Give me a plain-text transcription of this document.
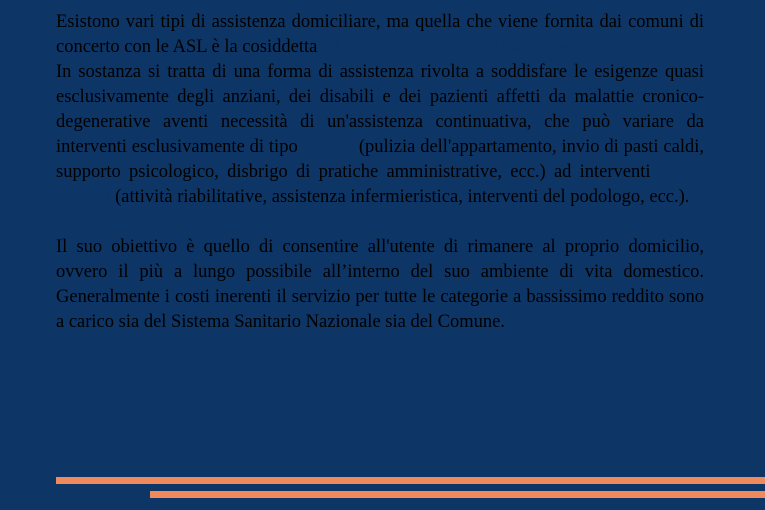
Esistono vari tipi di assistenza domiciliare, ma quella che viene fornita dai comuni di concerto con le ASL è la cosiddetta ADI (Assistenza domiciliare integrata).

In sostanza si tratta di una forma di assistenza rivolta a soddisfare le esigenze quasi esclusivamente degli anziani, dei disabili e dei pazienti affetti da malattie cronico-degenerative aventi necessità di un'assistenza continuativa, che può variare da interventi esclusivamente di tipo sociale (pulizia dell'appartamento, invio di pasti caldi, supporto psicologico, disbrigo di pratiche amministrative, ecc.) ad interventi socio-sanitari (attività riabilitative, assistenza infermieristica, interventi del podologo, ecc.).

Il suo obiettivo è quello di consentire all'utente di rimanere al proprio domicilio, ovvero il più a lungo possibile all’interno del suo ambiente di vita domestico. Generalmente i costi inerenti il servizio per tutte le categorie a bassissimo reddito sono a carico sia del Sistema Sanitario Nazionale sia del Comune.
